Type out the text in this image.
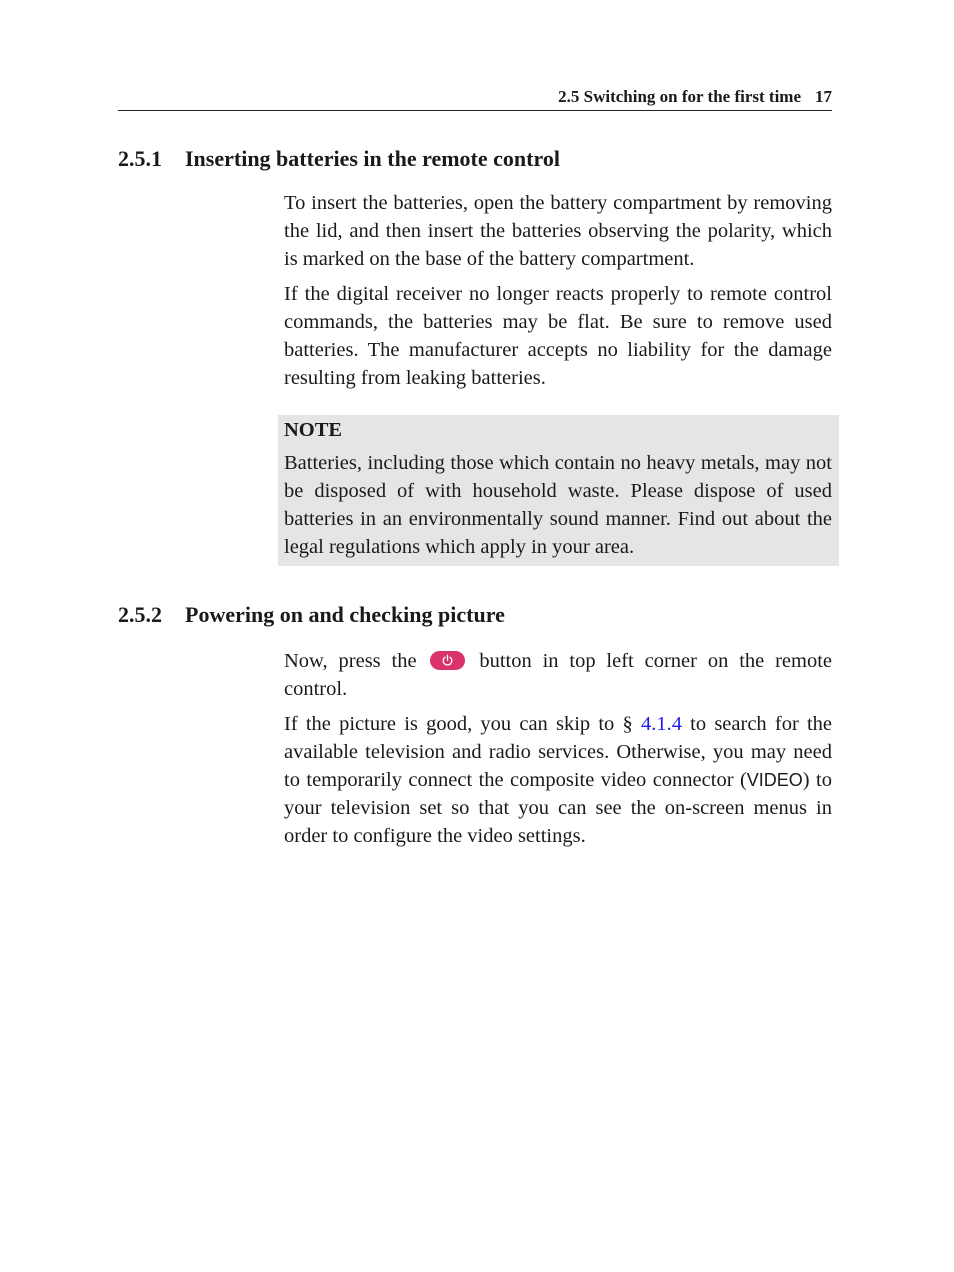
2.5 Switching on for the first time 17
2.5.1 Inserting batteries in the remote control

To insert the batteries, open the battery compartment by removing the lid, and then insert the batteries observing the polarity, which is marked on the base of the battery compartment.

If the digital receiver no longer reacts properly to remote control commands, the batteries may be flat. Be sure to remove used batteries. The manufacturer accepts no liability for the damage resulting from leaking batteries.

NOTE

Batteries, including those which contain no heavy metals, may not be disposed of with household waste. Please dispose of used batteries in an environmentally sound manner. Find out about the legal regulations which apply in your area.

2.5.2 Powering on and checking picture

Now, press the	button in top left corner on the remote control.

If the picture is good, you can skip to § 4.1.4 to search for the available television and radio services. Otherwise, you may need to temporarily connect the composite video connector (VIDEO) to your television set so that you can see the on-screen menus in order to configure the video settings.
